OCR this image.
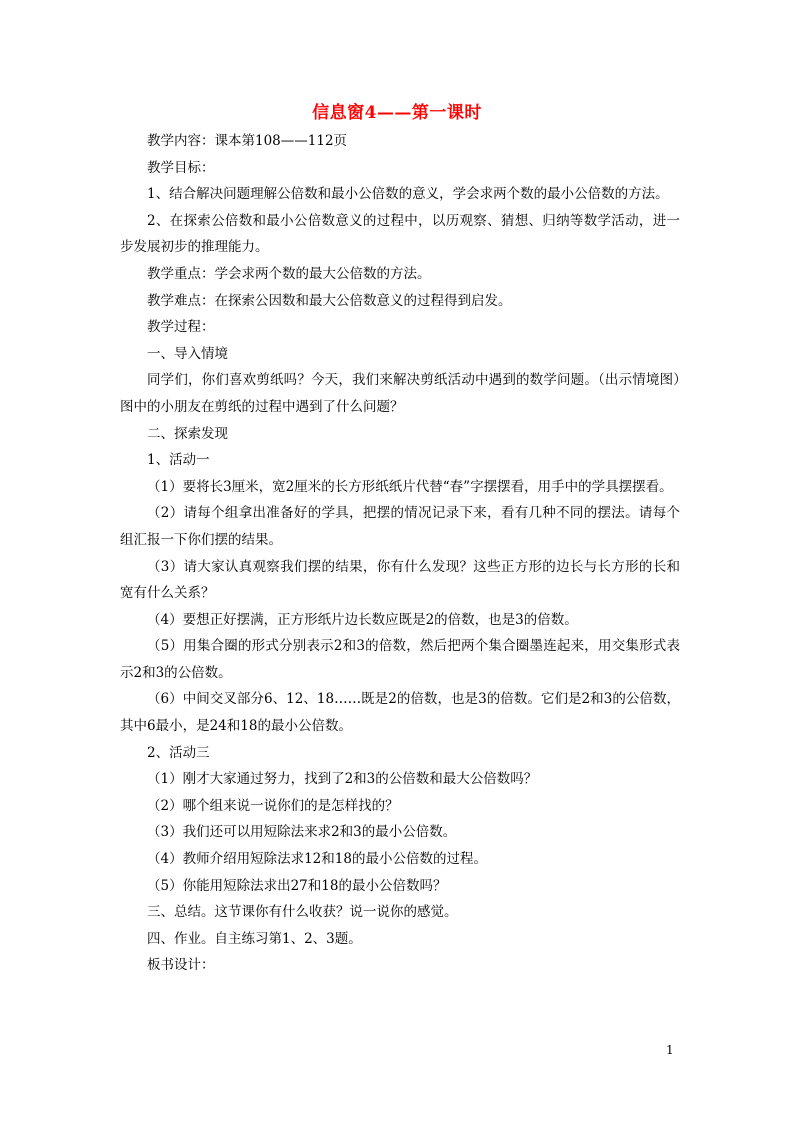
信息窗4——第一课时

教学内容：课本第108——112页

教学目标：

1、结合解决问题理解公倍数和最小公倍数的意义，学会求两个数的最小公倍数的方法。

2、在探索公倍数和最小公倍数意义的过程中，以历观察、猜想、归纳等数学活动，进一步发展初步的推理能力。

教学重点：学会求两个数的最大公倍数的方法。

教学难点：在探索公因数和最大公倍数意义的过程得到启发。

教学过程：

一、导入情境

同学们，你们喜欢剪纸吗？今天，我们来解决剪纸活动中遇到的数学问题。（出示情境图）图中的小朋友在剪纸的过程中遇到了什么问题？

二、探索发现

1、活动一

（1）要将长3厘米，宽2厘米的长方形纸纸片代替“春”字摆摆看，用手中的学具摆摆看。

（2）请每个组拿出准备好的学具，把摆的情况记录下来，看有几种不同的摆法。请每个组汇报一下你们摆的结果。

（3）请大家认真观察我们摆的结果，你有什么发现？这些正方形的边长与长方形的长和宽有什么关系？

（4）要想正好摆满，正方形纸片边长数应既是2的倍数，也是3的倍数。

（5）用集合圈的形式分别表示2和3的倍数，然后把两个集合圈墨连起来，用交集形式表示2和3的公倍数。

（6）中间交叉部分6、12、18……既是2的倍数，也是3的倍数。它们是2和3的公倍数，其中6最小，是24和18的最小公倍数。

2、活动三

（1）刚才大家通过努力，找到了2和3的公倍数和最大公倍数吗？

（2）哪个组来说一说你们的是怎样找的？

（3）我们还可以用短除法来求2和3的最小公倍数。

（4）教师介绍用短除法求12和18的最小公倍数的过程。

（5）你能用短除法求出27和18的最小公倍数吗？

三、总结。这节课你有什么收获？说一说你的感觉。

四、作业。自主练习第1、2、3题。

板书设计：

1
